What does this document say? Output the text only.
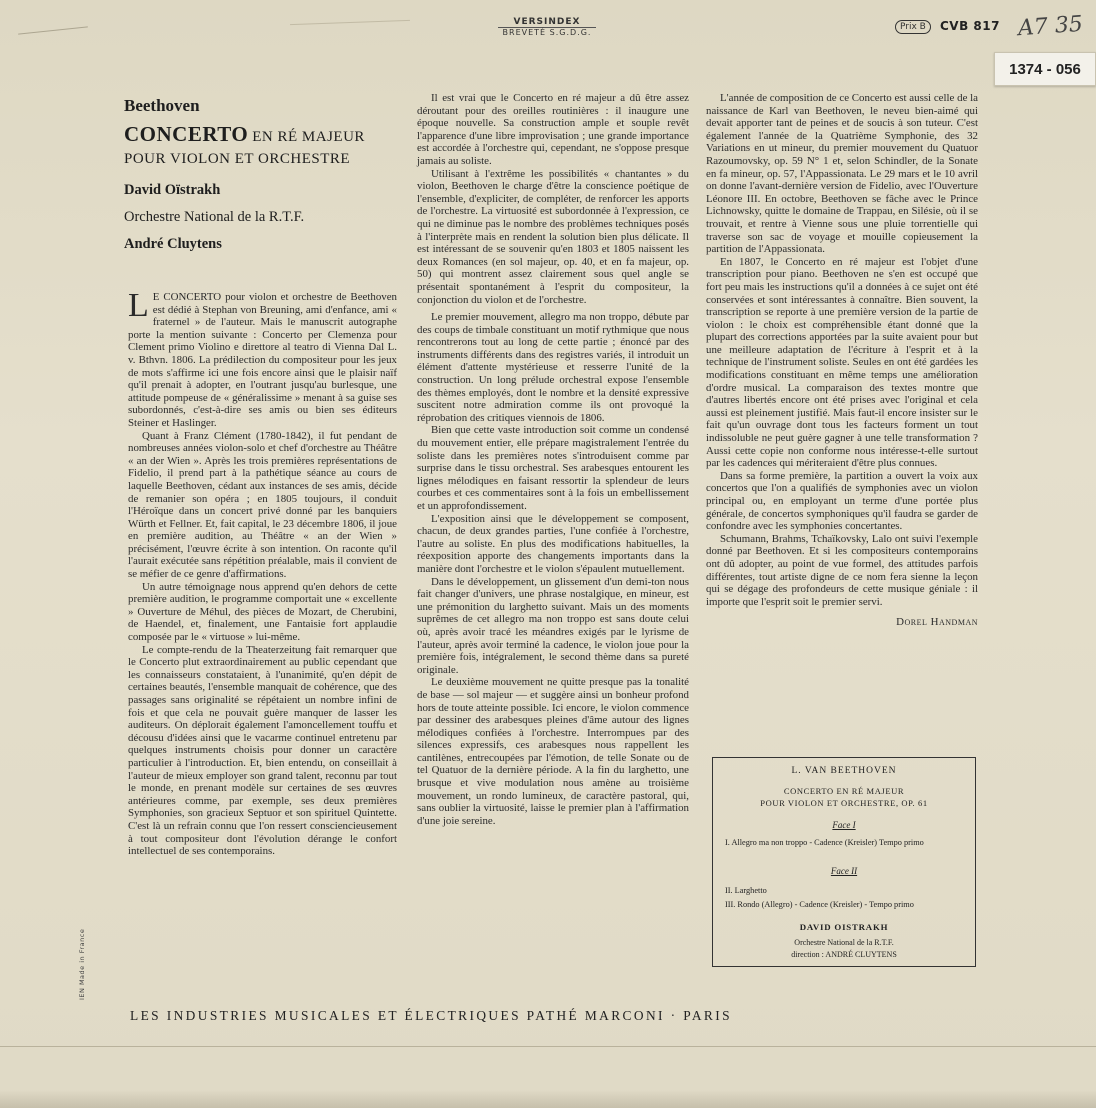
VERSINDEX
BREVETÉ S.G.D.G.
Prix B	CVB 817 A7 35
1374 - 056
Beethoven
CONCERTO EN RÉ MAJEUR
POUR VIOLON ET ORCHESTRE
David Oïstrakh
Orchestre National de la R.T.F.
André Cluytens

L E CONCERTO pour violon et orchestre de Beethoven est dédié à Stephan von Breuning, ami d'enfance, ami « fraternel » de l'auteur. Mais le manuscrit autographe porte la mention suivante : Concerto per Clemenza pour Clement primo Violino e direttore al teatro di Vienna Dal L. v. Bthvn. 1806. La prédilection du compositeur pour les jeux de mots s'affirme ici une fois encore ainsi que le plaisir naïf qu'il prenait à adopter, en l'outrant jusqu'au burlesque, une attitude pompeuse de « généralissime » menant à sa guise ses subordonnés, c'est-à-dire ses amis ou bien ses éditeurs Steiner et Haslinger.

Quant à Franz Clément (1780-1842), il fut pendant de nombreuses années violon-solo et chef d'orchestre au Théâtre « an der Wien ». Après les trois premières représentations de Fidelio, il prend part à la pathétique séance au cours de laquelle Beethoven, cédant aux instances de ses amis, décide de remanier son opéra ; en 1805 toujours, il conduit l'Héroïque dans un concert privé donné par les banquiers Würth et Fellner. Et, fait capital, le 23 décembre 1806, il joue en première audition, au Théâtre « an der Wien » précisément, l'œuvre écrite à son intention. On raconte qu'il l'aurait exécutée sans répétition préalable, mais il convient de se méfier de ce genre d'affirmations.

Un autre témoignage nous apprend qu'en dehors de cette première audition, le programme comportait une « excellente » Ouverture de Méhul, des pièces de Mozart, de Cherubini, de Haendel, et, finalement, une Fantaisie fort applaudie composée par le « virtuose » lui-même.

Le compte-rendu de la Theaterzeitung fait remarquer que le Concerto plut extraordinairement au public cependant que les connaisseurs constataient, à l'unanimité, qu'en dépit de certaines beautés, l'ensemble manquait de cohérence, que des passages sans originalité se répétaient un nombre infini de fois et que cela ne pouvait guère manquer de lasser les auditeurs. On déplorait également l'amoncellement touffu et décousu d'idées ainsi que le vacarme continuel entretenu par quelques instruments choisis pour donner un caractère particulier à l'introduction. Et, bien entendu, on conseillait à l'auteur de mieux employer son grand talent, reconnu par tout le monde, en prenant modèle sur certaines de ses œuvres antérieures comme, par exemple, ses deux premières Symphonies, son gracieux Septuor et son spirituel Quintette. C'est là un refrain connu que l'on ressert consciencieusement à tout compositeur dont l'évolution dérange le confort intellectuel de ses contemporains.

Il est vrai que le Concerto en ré majeur a dû être assez déroutant pour des oreilles routinières : il inaugure une époque nouvelle. Sa construction ample et souple revêt l'apparence d'une libre improvisation ; une grande importance est accordée à l'orchestre qui, cependant, ne s'oppose presque jamais au soliste.

Utilisant à l'extrême les possibilités « chantantes » du violon, Beethoven le charge d'être la conscience poétique de l'ensemble, d'expliciter, de compléter, de renforcer les apports de l'orchestre. La virtuosité est subordonnée à l'expression, ce qui ne diminue pas le nombre des problèmes techniques posés à l'interprète mais en rendent la solution bien plus délicate. Il est intéressant de se souvenir qu'en 1803 et 1805 naissent les deux Romances (en sol majeur, op. 40, et en fa majeur, op. 50) qui montrent assez clairement sous quel angle se présentait spontanément à l'esprit du compositeur, la conjonction du violon et de l'orchestre.

Le premier mouvement, allegro ma non troppo, débute par des coups de timbale constituant un motif rythmique que nous rencontrerons tout au long de cette partie ; énoncé par des instruments différents dans des registres variés, il introduit un élément d'attente mystérieuse et resserre l'unité de la construction. Un long prélude orchestral expose l'ensemble des thèmes employés, dont le nombre et la densité expressive suscitent notre admiration comme ils ont provoqué la réprobation des critiques viennois de 1806.

Bien que cette vaste introduction soit comme un condensé du mouvement entier, elle prépare magistralement l'entrée du soliste dans les premières notes s'introduisent comme par surprise dans le tissu orchestral. Ses arabesques entourent les lignes mélodiques en faisant ressortir la splendeur de leurs courbes et ces commentaires sont à la fois un embellissement et un approfondissement.

L'exposition ainsi que le développement se composent, chacun, de deux grandes parties, l'une confiée à l'orchestre, l'autre au soliste. En plus des modifications habituelles, la réexposition apporte des changements importants dans la manière dont l'orchestre et le violon s'épaulent mutuellement.

Dans le développement, un glissement d'un demi-ton nous fait changer d'univers, une phrase nostalgique, en mineur, est une prémonition du larghetto suivant. Mais un des moments suprêmes de cet allegro ma non troppo est sans doute celui où, après avoir tracé les méandres exigés par le lyrisme de l'auteur, après avoir terminé la cadence, le violon joue pour la première fois, intégralement, le second thème dans sa pureté originale.

Le deuxième mouvement ne quitte presque pas la tonalité de base — sol majeur — et suggère ainsi un bonheur profond hors de toute atteinte possible. Ici encore, le violon commence par dessiner des arabesques pleines d'âme autour des lignes mélodiques confiées à l'orchestre. Interrompues par des silences expressifs, ces arabesques nous rappellent les cantilènes, entrecoupées par l'émotion, de telle Sonate ou de tel Quatuor de la dernière période. A la fin du larghetto, une brusque et vive modulation nous amène au troisième mouvement, un rondo lumineux, de caractère pastoral, qui, sans oublier la virtuosité, laisse le premier plan à l'affirmation d'une joie sereine.

L'année de composition de ce Concerto est aussi celle de la naissance de Karl van Beethoven, le neveu bien-aimé qui devait apporter tant de peines et de soucis à son tuteur. C'est également l'année de la Quatrième Symphonie, des 32 Variations en ut mineur, du premier mouvement du Quatuor Razoumovsky, op. 59 N° 1 et, selon Schindler, de la Sonate en fa mineur, op. 57, l'Appassionata. Le 29 mars et le 10 avril on donne l'avant-dernière version de Fidelio, avec l'Ouverture Léonore III. En octobre, Beethoven se fâche avec le Prince Lichnowsky, quitte le domaine de Trappau, en Silésie, où il se trouvait, et rentre à Vienne sous une pluie torrentielle qui traverse son sac de voyage et mouille copieusement la partition de l'Appassionata.

En 1807, le Concerto en ré majeur est l'objet d'une transcription pour piano. Beethoven ne s'en est occupé que fort peu mais les instructions qu'il a données à ce sujet ont été conservées et sont intéressantes à connaître. Bien souvent, la transcription se reporte à une première version de la partie de violon : le choix est compréhensible étant donné que la plupart des corrections apportées par la suite avaient pour but une meilleure adaptation de l'écriture à l'esprit et à la technique de l'instrument soliste. Seules en ont été gardées les modifications constituant en même temps une amélioration d'ordre musical. La comparaison des textes montre que d'autres libertés encore ont été prises avec l'original et cela aussi est pleinement justifié. Mais faut-il encore insister sur le fait qu'un ouvrage dont tous les facteurs forment un tout indissoluble ne peut guère gagner à une telle transformation ? Aussi cette copie non conforme nous intéresse-t-elle surtout par les cadences qui mériteraient d'être plus connues.

Dans sa forme première, la partition a ouvert la voix aux concertos que l'on a qualifiés de symphonies avec un violon principal ou, en employant un terme d'une portée plus générale, de concertos symphoniques qu'il faudra se garder de confondre avec les symphonies concertantes.

Schumann, Brahms, Tchaïkovsky, Lalo ont suivi l'exemple donné par Beethoven. Et si les compositeurs contemporains ont dû adopter, au point de vue formel, des attitudes parfois différentes, tout artiste digne de ce nom fera sienne la leçon qui se dégage des profondeurs de cette musique géniale : il importe que l'esprit soit le premier servi.

Dorel Handman

L. VAN BEETHOVEN
CONCERTO EN RÉ MAJEUR
POUR VIOLON ET ORCHESTRE, OP. 61
Face I
I. Allegro ma non troppo - Cadence (Kreisler) Tempo primo
Face II
II. Larghetto
III. Rondo (Allegro) - Cadence (Kreisler) - Tempo primo
DAVID OISTRAKH
Orchestre National de la R.T.F.
direction : ANDRÉ CLUYTENS
IEN Made in France
LES INDUSTRIES MUSICALES ET ÉLECTRIQUES PATHÉ MARCONI · PARIS
